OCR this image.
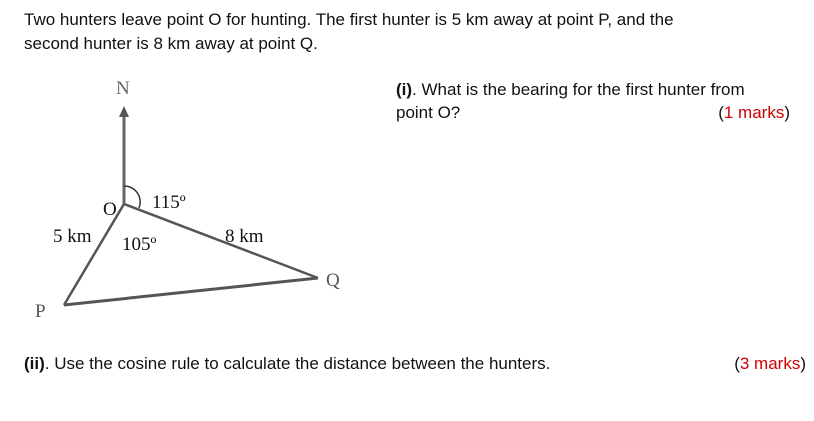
Two hunters leave point O for hunting. The first hunter is 5 km away at point P, and the
second hunter is 8 km away at point Q.
N
O 115º
5 km 105º	8 km
Q
P
(i). What is the bearing for the first hunter from
point O?	(1 marks)
(ii). Use the cosine rule to calculate the distance between the hunters.	(3 marks)
